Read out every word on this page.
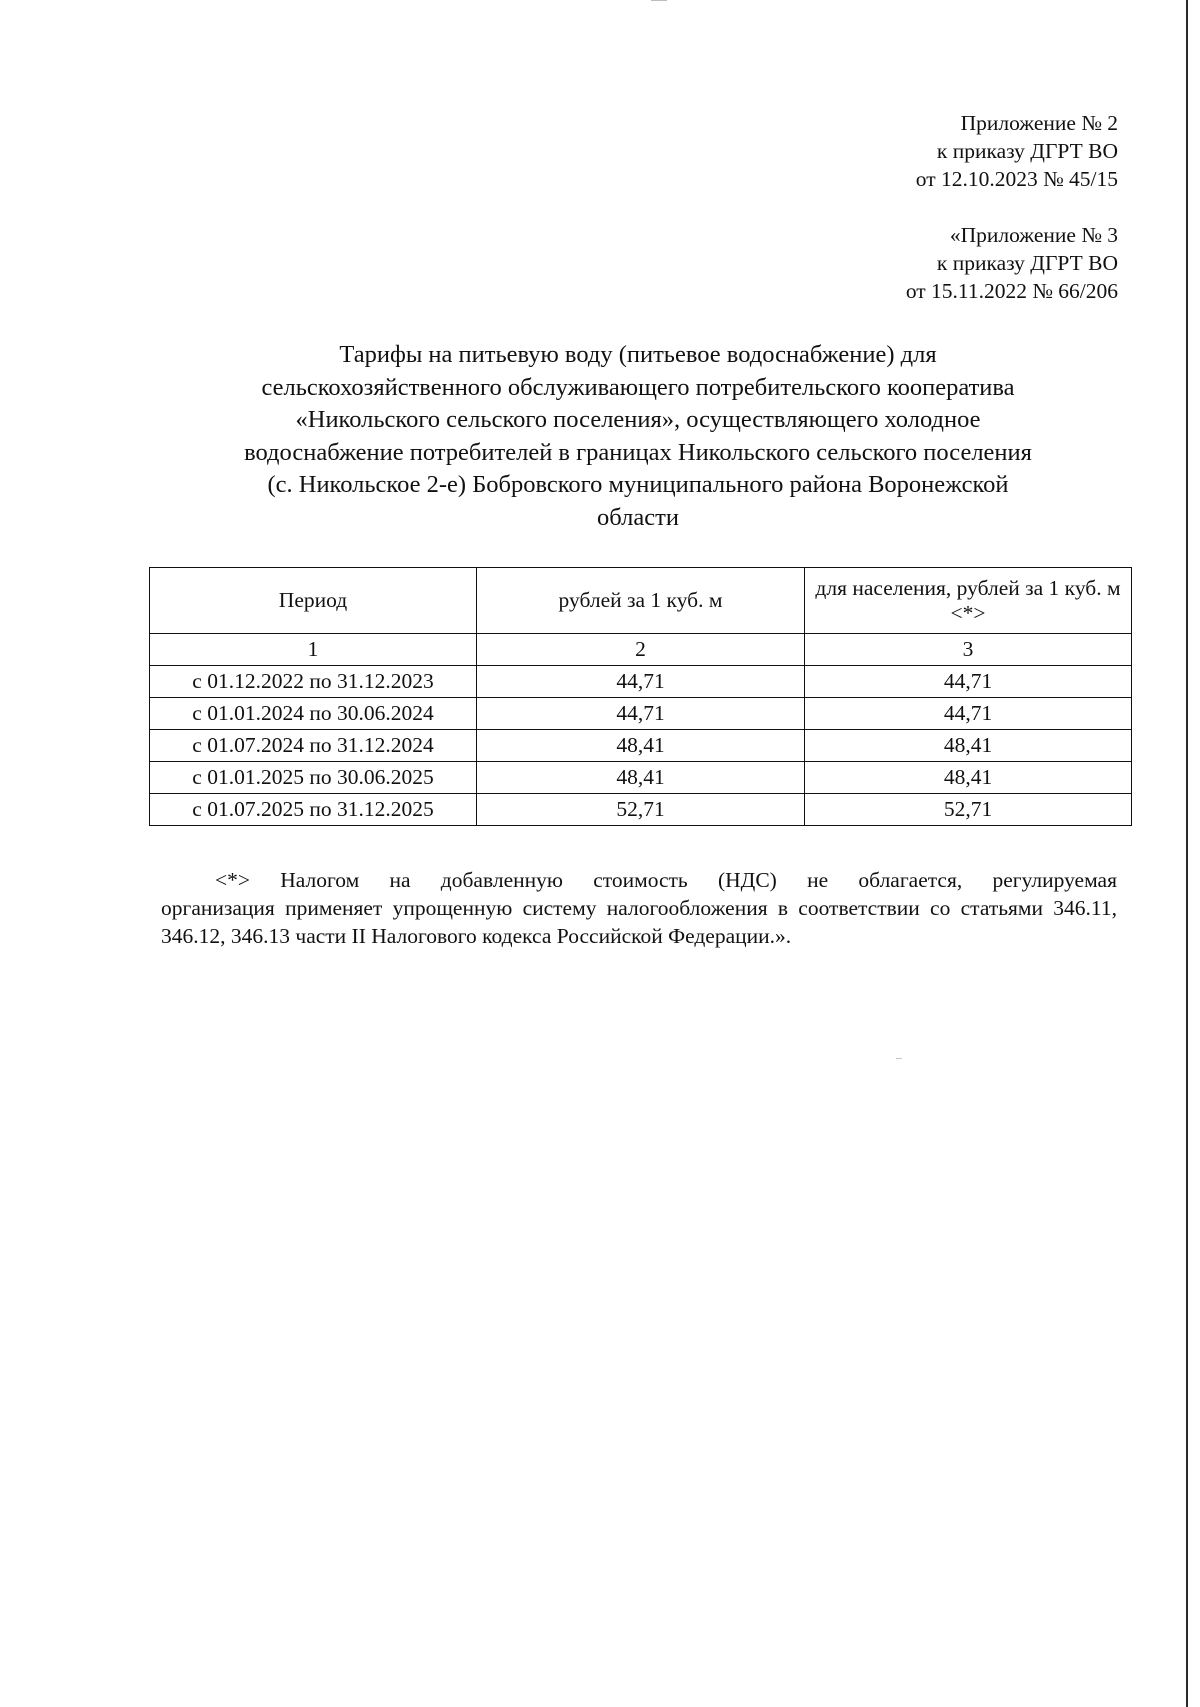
Приложение № 2
к приказу ДГРТ ВО
от 12.10.2023 № 45/15
«Приложение № 3
к приказу ДГРТ ВО
от 15.11.2022 № 66/206
Тарифы на питьевую воду (питьевое водоснабжение) для
сельскохозяйственного обслуживающего потребительского кооператива
«Никольского сельского поселения», осуществляющего холодное
водоснабжение потребителей в границах Никольского сельского поселения
(с. Никольское 2-е) Бобровского муниципального района Воронежской
области
Период	рублей за 1 куб. м	для населения, рублей за 1 куб. м <*>
1	2	3
с 01.12.2022 по 31.12.2023	44,71	44,71
с 01.01.2024 по 30.06.2024	44,71	44,71
с 01.07.2024 по 31.12.2024	48,41	48,41
с 01.01.2025 по 30.06.2025	48,41	48,41
с 01.07.2025 по 31.12.2025	52,71	52,71
<*> Налогом на добавленную стоимость (НДС) не облагается, регулируемая
организация применяет упрощенную систему налогообложения в соответствии со статьями 346.11, 346.12, 346.13 части II Налогового кодекса Российской Федерации.».
